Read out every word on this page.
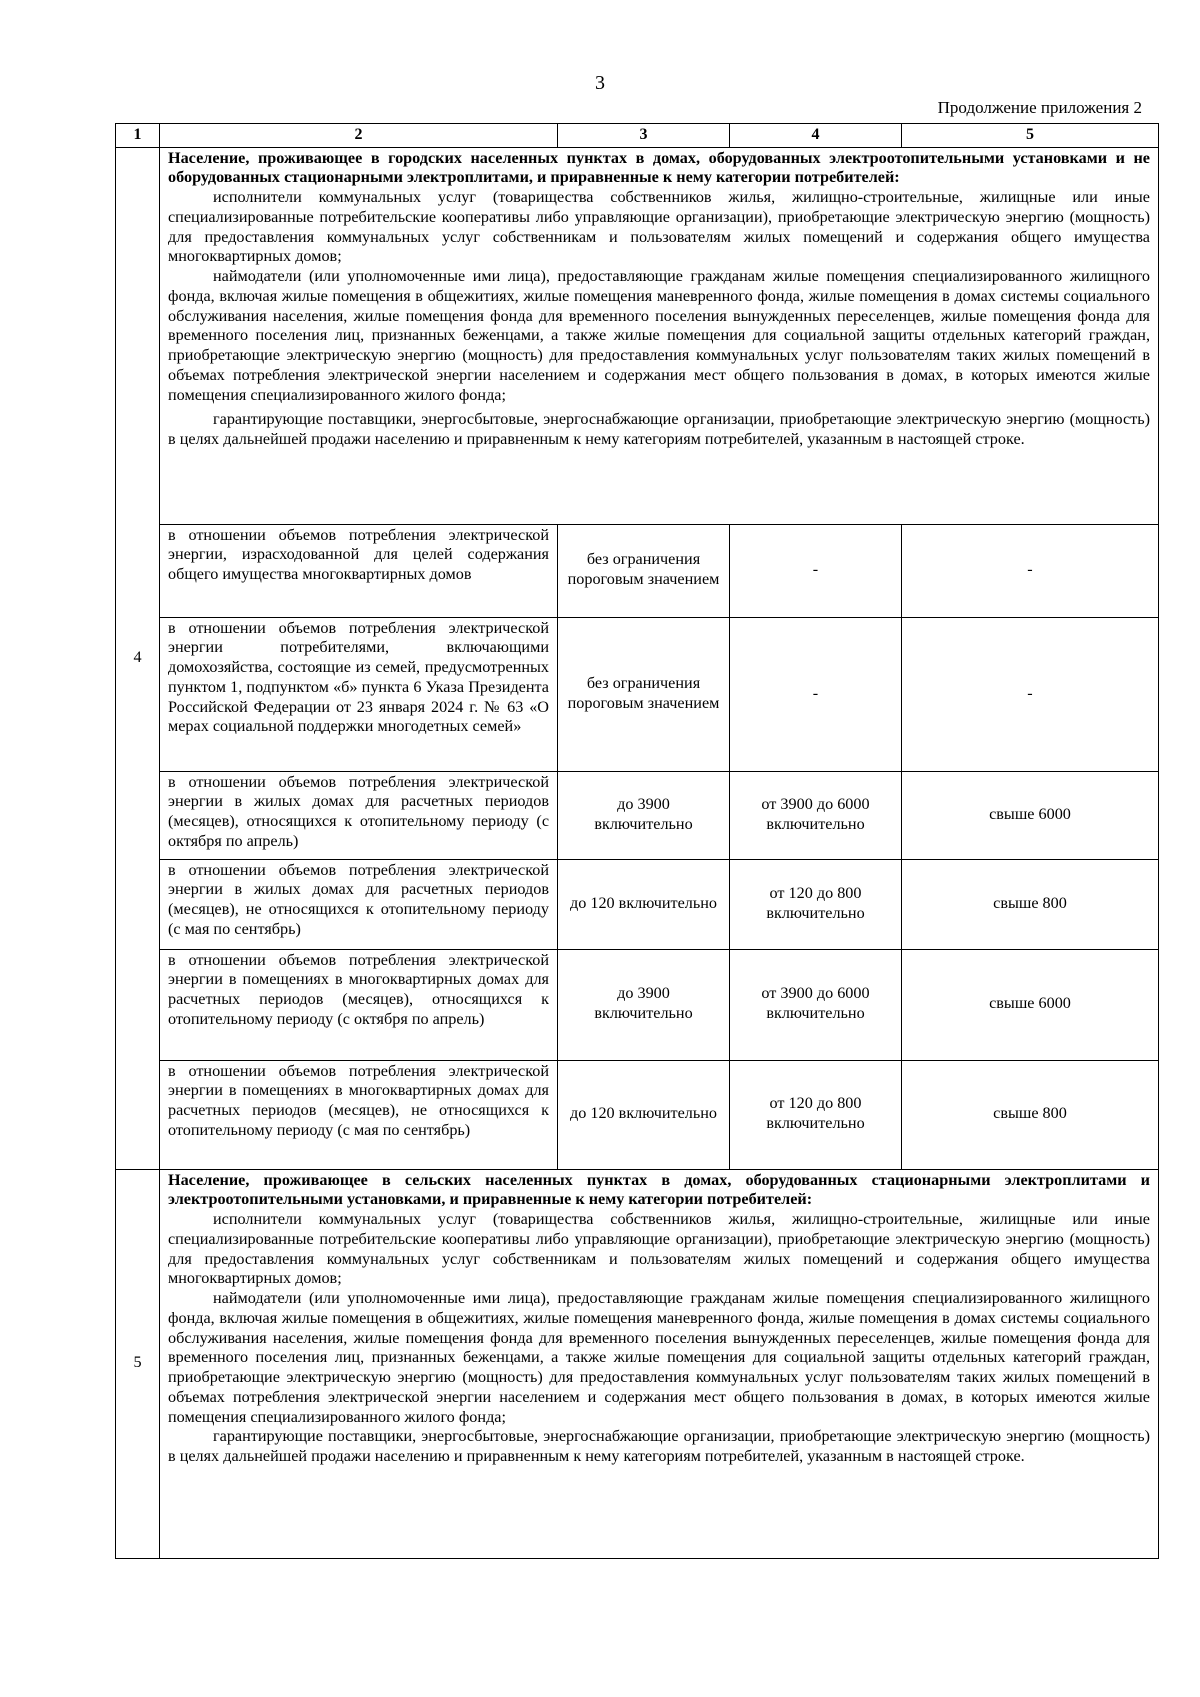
3
Продолжение приложения 2
1	2	3	4	5
4	Население, проживающее в городских населенных пунктах в домах, оборудованных электроотопительными установками и не оборудованных стационарными электроплитами, и приравненные к нему категории потребителей:

исполнители коммунальных услуг (товарищества собственников жилья, жилищно-строительные, жилищные или иные специализированные потребительские кооперативы либо управляющие организации), приобретающие электрическую энергию (мощность) для предоставления коммунальных услуг собственникам и пользователям жилых помещений и содержания общего имущества многоквартирных домов;

наймодатели (или уполномоченные ими лица), предоставляющие гражданам жилые помещения специализированного жилищного фонда, включая жилые помещения в общежитиях, жилые помещения маневренного фонда, жилые помещения в домах системы социального обслуживания населения, жилые помещения фонда для временного поселения вынужденных переселенцев, жилые помещения фонда для временного поселения лиц, признанных беженцами, а также жилые помещения для социальной защиты отдельных категорий граждан, приобретающие электрическую энергию (мощность) для предоставления коммунальных услуг пользователям таких жилых помещений в объемах потребления электрической энергии населением и содержания мест общего пользования в домах, в которых имеются жилые помещения специализированного жилого фонда;

гарантирующие поставщики, энергосбытовые, энергоснабжающие организации, приобретающие электрическую энергию (мощность) в целях дальнейшей продажи населению и приравненным к нему категориям потребителей, указанным в настоящей строке.			

	в отношении объемов потребления электрической энергии, израсходованной для целей содержания общего имущества многоквартирных домов	без ограничения пороговым значением	-	-
	в отношении объемов потребления электрической энергии потребителями, включающими домохозяйства, состоящие из семей, предусмотренных пунктом 1, подпунктом «б» пункта 6 Указа Президента Российской Федерации от 23 января 2024 г. № 63 «О мерах социальной поддержки многодетных семей»	без ограничения пороговым значением	-	-
	в отношении объемов потребления электрической энергии в жилых домах для расчетных периодов (месяцев), относящихся к отопительному периоду (с октября по апрель)	до 3900 включительно	от 3900 до 6000 включительно	свыше 6000
	в отношении объемов потребления электрической энергии в жилых домах для расчетных периодов (месяцев), не относящихся к отопительному периоду (с мая по сентябрь)	до 120 включительно	от 120 до 800 включительно	свыше 800
	в отношении объемов потребления электрической энергии в помещениях в многоквартирных домах для расчетных периодов (месяцев), относящихся к отопительному периоду (с октября по апрель)	до 3900 включительно	от 3900 до 6000 включительно	свыше 6000
	в отношении объемов потребления электрической энергии в помещениях в многоквартирных домах для расчетных периодов (месяцев), не относящихся к отопительному периоду (с мая по сентябрь)	до 120 включительно	от 120 до 800 включительно	свыше 800
5	Население, проживающее в сельских населенных пунктах в домах, оборудованных стационарными электроплитами и электроотопительными установками, и приравненные к нему категории потребителей:

исполнители коммунальных услуг (товарищества собственников жилья, жилищно-строительные, жилищные или иные специализированные потребительские кооперативы либо управляющие организации), приобретающие электрическую энергию (мощность) для предоставления коммунальных услуг собственникам и пользователям жилых помещений и содержания общего имущества многоквартирных домов;

наймодатели (или уполномоченные ими лица), предоставляющие гражданам жилые помещения специализированного жилищного фонда, включая жилые помещения в общежитиях, жилые помещения маневренного фонда, жилые помещения в домах системы социального обслуживания населения, жилые помещения фонда для временного поселения вынужденных переселенцев, жилые помещения фонда для временного поселения лиц, признанных беженцами, а также жилые помещения для социальной защиты отдельных категорий граждан, приобретающие электрическую энергию (мощность) для предоставления коммунальных услуг пользователям таких жилых помещений в объемах потребления электрической энергии населением и содержания мест общего пользования в домах, в которых имеются жилые помещения специализированного жилого фонда;

гарантирующие поставщики, энергосбытовые, энергоснабжающие организации, приобретающие электрическую энергию (мощность) в целях дальнейшей продажи населению и приравненным к нему категориям потребителей, указанным в настоящей строке.			
